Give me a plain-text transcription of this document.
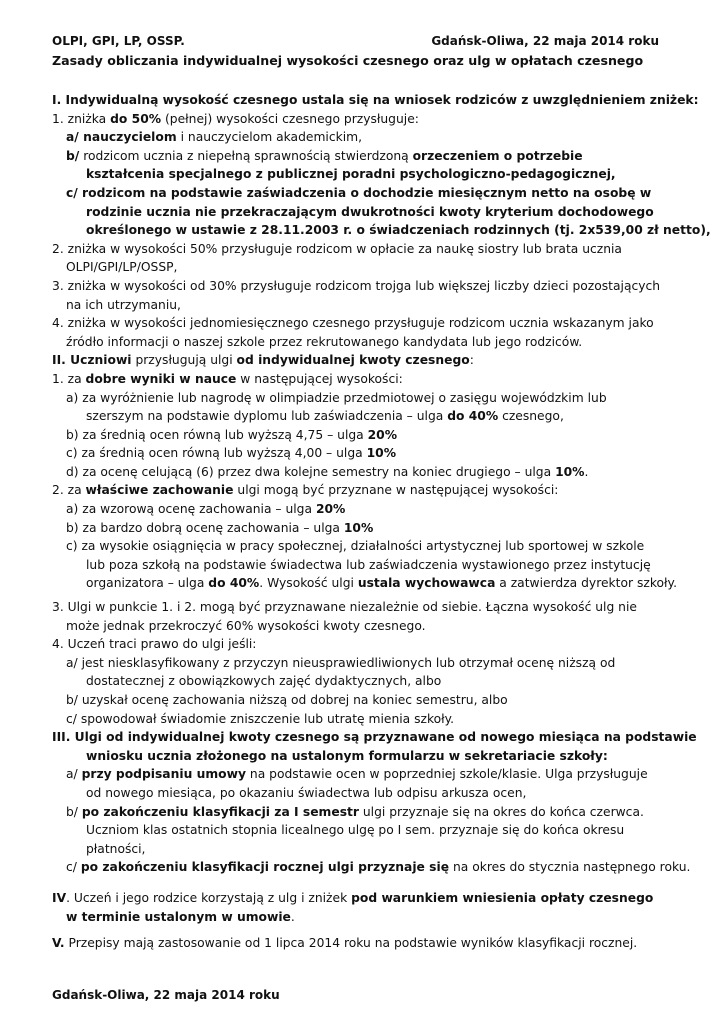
OLPI, GPI, LP, OSSP.	Gdańsk-Oliwa, 22 maja 2014 roku
Zasady obliczania indywidualnej wysokości czesnego oraz ulg w opłatach czesnego

I. Indywidualną wysokość czesnego ustala się na wniosek rodziców z uwzględnieniem zniżek:

1. zniżka do 50% (pełnej) wysokości czesnego przysługuje:

a/ nauczycielom i nauczycielom akademickim,

b/ rodzicom ucznia z niepełną sprawnością stwierdzoną orzeczeniem o potrzebie

kształcenia specjalnego z publicznej poradni psychologiczno-pedagogicznej,

c/ rodzicom na podstawie zaświadczenia o dochodzie miesięcznym netto na osobę w

rodzinie ucznia nie przekraczającym dwukrotności kwoty kryterium dochodowego

określonego w ustawie z 28.11.2003 r. o świadczeniach rodzinnych (tj. 2x539,00 zł netto),

2. zniżka w wysokości 50% przysługuje rodzicom w opłacie za naukę siostry lub brata ucznia

OLPI/GPI/LP/OSSP,

3. zniżka w wysokości od 30% przysługuje rodzicom trojga lub większej liczby dzieci pozostających

na ich utrzymaniu,

4. zniżka w wysokości jednomiesięcznego czesnego przysługuje rodzicom ucznia wskazanym jako

źródło informacji o naszej szkole przez rekrutowanego kandydata lub jego rodziców.

II. Uczniowi przysługują ulgi od indywidualnej kwoty czesnego:

1. za dobre wyniki w nauce w następującej wysokości:

a) za wyróżnienie lub nagrodę w olimpiadzie przedmiotowej o zasięgu wojewódzkim lub

szerszym na podstawie dyplomu lub zaświadczenia – ulga do 40% czesnego,

b) za średnią ocen równą lub wyższą 4,75 – ulga 20%

c) za średnią ocen równą lub wyższą 4,00 – ulga 10%

d) za ocenę celującą (6) przez dwa kolejne semestry na koniec drugiego – ulga 10%.

2. za właściwe zachowanie ulgi mogą być przyznane w następującej wysokości:

a) za wzorową ocenę zachowania – ulga 20%

b) za bardzo dobrą ocenę zachowania – ulga 10%

c) za wysokie osiągnięcia w pracy społecznej, działalności artystycznej lub sportowej w szkole

lub poza szkołą na podstawie świadectwa lub zaświadczenia wystawionego przez instytucję

organizatora – ulga do 40%. Wysokość ulgi ustala wychowawca a zatwierdza dyrektor szkoły.

3. Ulgi w punkcie 1. i 2. mogą być przyznawane niezależnie od siebie. Łączna wysokość ulg nie

może jednak przekroczyć 60% wysokości kwoty czesnego.

4. Uczeń traci prawo do ulgi jeśli:

a/ jest niesklasyfikowany z przyczyn nieusprawiedliwionych lub otrzymał ocenę niższą od

dostatecznej z obowiązkowych zajęć dydaktycznych, albo

b/ uzyskał ocenę zachowania niższą od dobrej na koniec semestru, albo

c/ spowodował świadomie zniszczenie lub utratę mienia szkoły.

III. Ulgi od indywidualnej kwoty czesnego są przyznawane od nowego miesiąca na podstawie

wniosku ucznia złożonego na ustalonym formularzu w sekretariacie szkoły:

a/ przy podpisaniu umowy na podstawie ocen w poprzedniej szkole/klasie. Ulga przysługuje

od nowego miesiąca, po okazaniu świadectwa lub odpisu arkusza ocen,

b/ po zakończeniu klasyfikacji za I semestr ulgi przyznaje się na okres do końca czerwca.

Uczniom klas ostatnich stopnia licealnego ulgę po I sem. przyznaje się do końca okresu

płatności,

c/ po zakończeniu klasyfikacji rocznej ulgi przyznaje się na okres do stycznia następnego roku.

IV. Uczeń i jego rodzice korzystają z ulg i zniżek pod warunkiem wniesienia opłaty czesnego

w terminie ustalonym w umowie.

V. Przepisy mają zastosowanie od 1 lipca 2014 roku na podstawie wyników klasyfikacji rocznej.

Gdańsk-Oliwa, 22 maja 2014 roku
